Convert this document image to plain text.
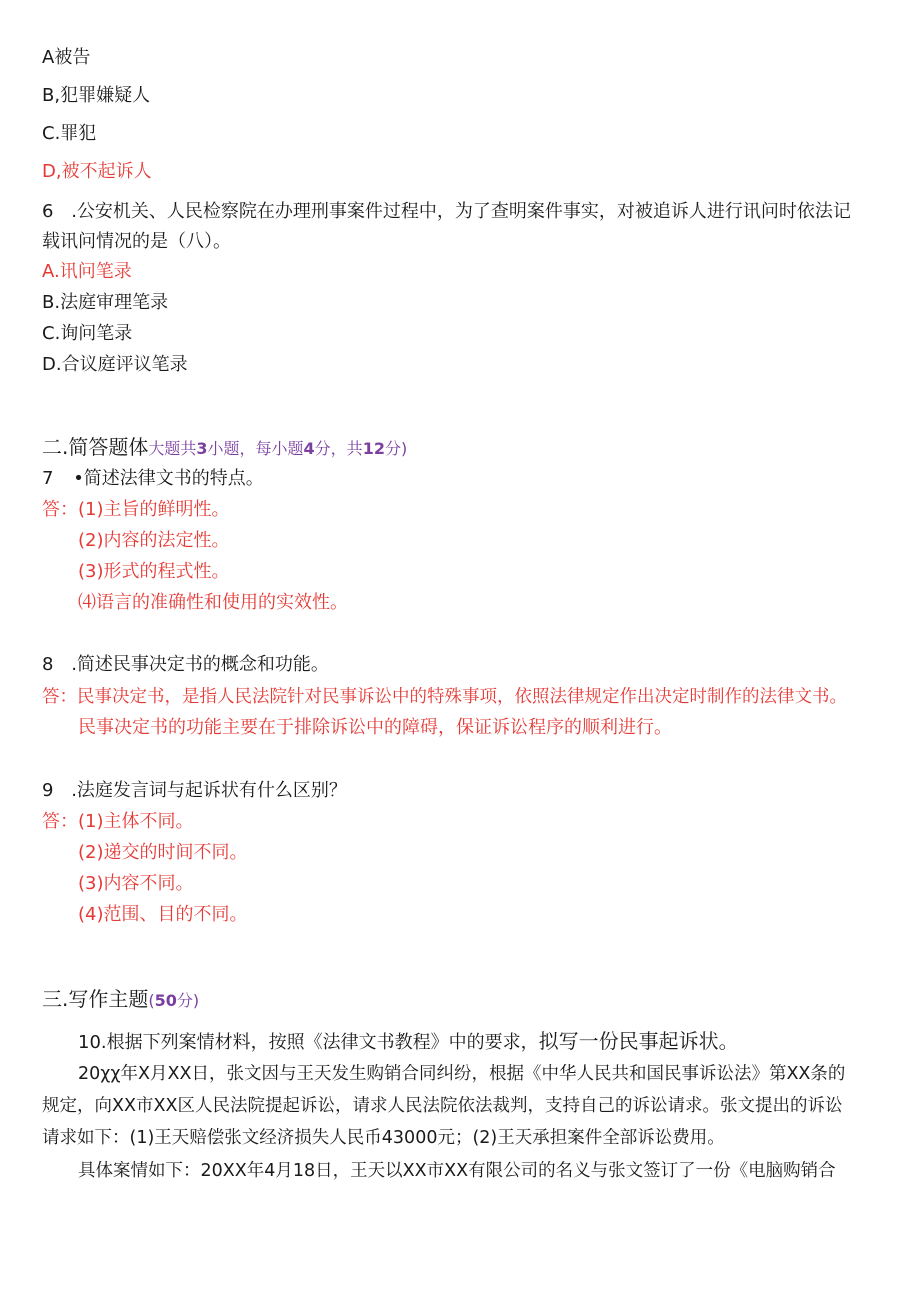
A被告
B,犯罪嫌疑人
C.罪犯
D,被不起诉人
6 .公安机关、人民检察院在办理刑事案件过程中，为了查明案件事实，对被追诉人进行讯问时依法记
载讯问情况的是（八）。
A.讯问笔录
B.法庭审理笔录
C.询问笔录
D.合议庭评议笔录
二.简答题体大题共3小题，每小题4分，共12分)
7 •简述法律文书的特点。
答：(1)主旨的鲜明性。
(2)内容的法定性。
(3)形式的程式性。
⑷语言的准确性和使用的实效性。
8 .简述民事决定书的概念和功能。
答：民事决定书，是指人民法院针对民事诉讼中的特殊事项，依照法律规定作出决定时制作的法律文书。
民事决定书的功能主要在于排除诉讼中的障碍，保证诉讼程序的顺利进行。
9 .法庭发言词与起诉状有什么区别？
答：(1)主体不同。
(2)递交的时间不同。
(3)内容不同。
(4)范围、目的不同。
三.写作主题(50分)
10.根据下列案情材料，按照《法律文书教程》中的要求，拟写一份民事起诉状。
20χχ年X月XX日，张文因与王天发生购销合同纠纷，根据《中华人民共和国民事诉讼法》第XX条的
规定，向XX市XX区人民法院提起诉讼，请求人民法院依法裁判，支持自己的诉讼请求。张文提出的诉讼
请求如下：(1)王天赔偿张文经济损失人民币43000元；(2)王天承担案件全部诉讼费用。
具体案情如下：20XX年4月18日，王天以XX市XX有限公司的名义与张文签订了一份《电脑购销合
